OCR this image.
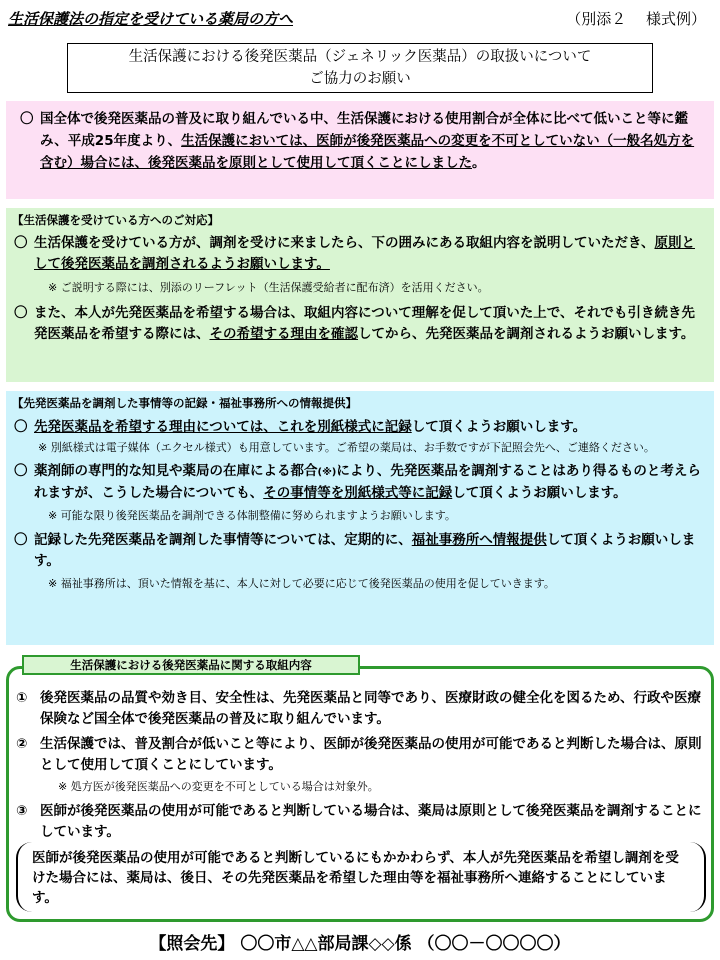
生活保護法の指定を受けている薬局の方へ	（別添２　 様式例）
生活保護における後発医薬品（ジェネリック医薬品）の取扱いについて
ご協力のお願い
〇 国全体で後発医薬品の普及に取り組んでいる中、生活保護における使用割合が全体に比べて低いこと等に鑑み、平成25年度より、生活保護においては、医師が後発医薬品への変更を不可としていない（一般名処方を含む）場合には、後発医薬品を原則として使用して頂くことにしました。
【生活保護を受けている方へのご対応】
〇 生活保護を受けている方が、調剤を受けに来ましたら、下の囲みにある取組内容を説明していただき、原則として後発医薬品を調剤されるようお願いします。
※ ご説明する際には、別添のリーフレット（生活保護受給者に配布済）を活用ください。
〇 また、本人が先発医薬品を希望する場合は、取組内容について理解を促して頂いた上で、それでも引き続き先発医薬品を希望する際には、その希望する理由を確認してから、先発医薬品を調剤されるようお願いします。
【先発医薬品を調剤した事情等の記録・福祉事務所への情報提供】
〇 先発医薬品を希望する理由については、これを別紙様式に記録して頂くようお願いします。
※ 別紙様式は電子媒体（エクセル様式）も用意しています。ご希望の薬局は、お手数ですが下記照会先へ、ご連絡ください。
〇 薬剤師の専門的な知見や薬局の在庫による都合(※)により、先発医薬品を調剤することはあり得るものと考えられますが、こうした場合についても、その事情等を別紙様式等に記録して頂くようお願いします。
※ 可能な限り後発医薬品を調剤できる体制整備に努められますようお願いします。
〇 記録した先発医薬品を調剤した事情等については、定期的に、福祉事務所へ情報提供して頂くようお願いします。
※ 福祉事務所は、頂いた情報を基に、本人に対して必要に応じて後発医薬品の使用を促していきます。
生活保護における後発医薬品に関する取組内容
① 後発医薬品の品質や効き目、安全性は、先発医薬品と同等であり、医療財政の健全化を図るため、行政や医療保険など国全体で後発医薬品の普及に取り組んでいます。
② 生活保護では、普及割合が低いこと等により、医師が後発医薬品の使用が可能であると判断した場合は、原則として使用して頂くことにしています。
※ 処方医が後発医薬品への変更を不可としている場合は対象外。
③ 医師が後発医薬品の使用が可能であると判断している場合は、薬局は原則として後発医薬品を調剤することにしています。
医師が後発医薬品の使用が可能であると判断しているにもかかわらず、本人が先発医薬品を希望し調剤を受けた場合には、薬局は、後日、その先発医薬品を希望した理由等を福祉事務所へ連絡することにしています。
【照会先】 〇〇市△△部局課◇◇係 （〇〇－〇〇〇〇）
